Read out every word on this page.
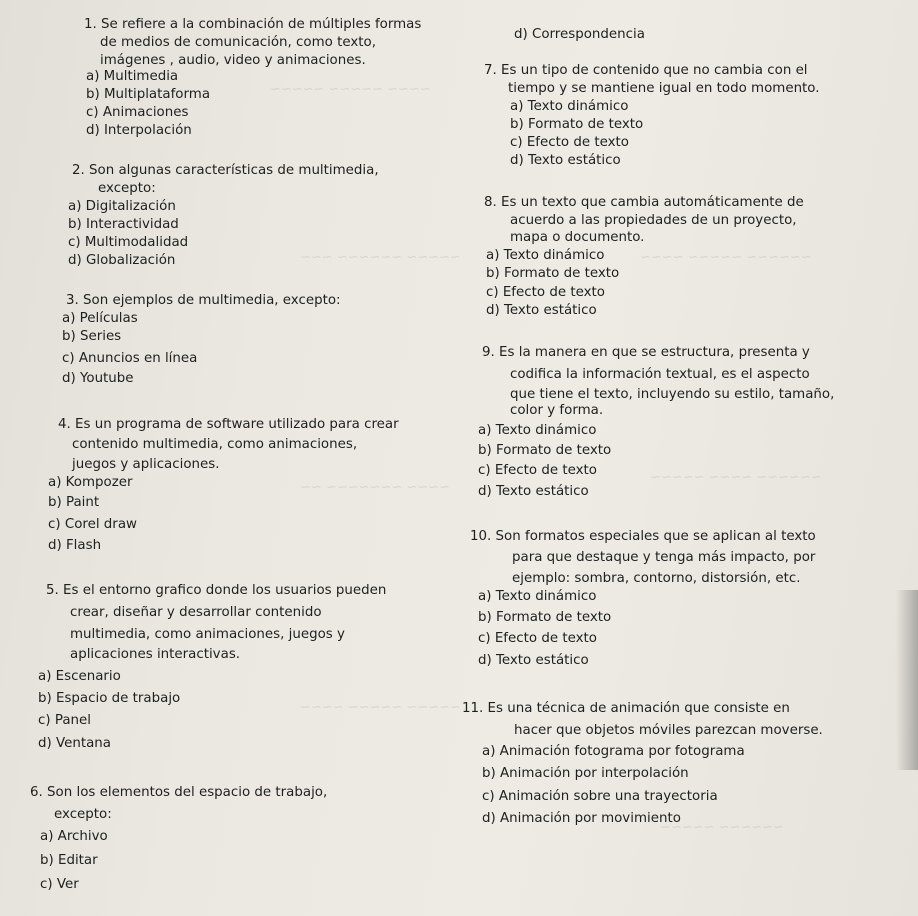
~~~~ ~~~~~ ~~~~~
~~~~~ ~~~~~~ ~~~	~~~~~~ ~~~~~ ~~~~
~~~~ ~~~~~~~ ~~
~~~~~~ ~~~~ ~~~~~
~~~~~ ~~~~~ ~~~~
~~~~~~ ~~~~~
1. Se refiere a la combinación de múltiples formas
de medios de comunicación, como texto,
imágenes , audio, video y animaciones.
a) Multimedia
b) Multiplataforma
c) Animaciones
d) Interpolación
2. Son algunas características de multimedia,
excepto:
a) Digitalización
b) Interactividad
c) Multimodalidad
d) Globalización
3. Son ejemplos de multimedia, excepto:
a) Películas
b) Series
c) Anuncios en línea
d) Youtube
4. Es un programa de software utilizado para crear
contenido multimedia, como animaciones,
juegos y aplicaciones.
a) Kompozer
b) Paint
c) Corel draw
d) Flash
5. Es el entorno grafico donde los usuarios pueden
crear, diseñar y desarrollar contenido
multimedia, como animaciones, juegos y
aplicaciones interactivas.
a) Escenario
b) Espacio de trabajo
c) Panel
d) Ventana
6. Son los elementos del espacio de trabajo,
excepto:
a) Archivo
b) Editar
c) Ver
d) Correspondencia
7. Es un tipo de contenido que no cambia con el
tiempo y se mantiene igual en todo momento.
a) Texto dinámico
b) Formato de texto
c) Efecto de texto
d) Texto estático
8. Es un texto que cambia automáticamente de
acuerdo a las propiedades de un proyecto,
mapa o documento.
a) Texto dinámico
b) Formato de texto
c) Efecto de texto
d) Texto estático
9. Es la manera en que se estructura, presenta y
codifica la información textual, es el aspecto
que tiene el texto, incluyendo su estilo, tamaño,
color y forma.
a) Texto dinámico
b) Formato de texto
c) Efecto de texto
d) Texto estático
10. Son formatos especiales que se aplican al texto
para que destaque y tenga más impacto, por
ejemplo: sombra, contorno, distorsión, etc.
a) Texto dinámico
b) Formato de texto
c) Efecto de texto
d) Texto estático
11. Es una técnica de animación que consiste en
hacer que objetos móviles parezcan moverse.
a) Animación fotograma por fotograma
b) Animación por interpolación
c) Animación sobre una trayectoria
d) Animación por movimiento
